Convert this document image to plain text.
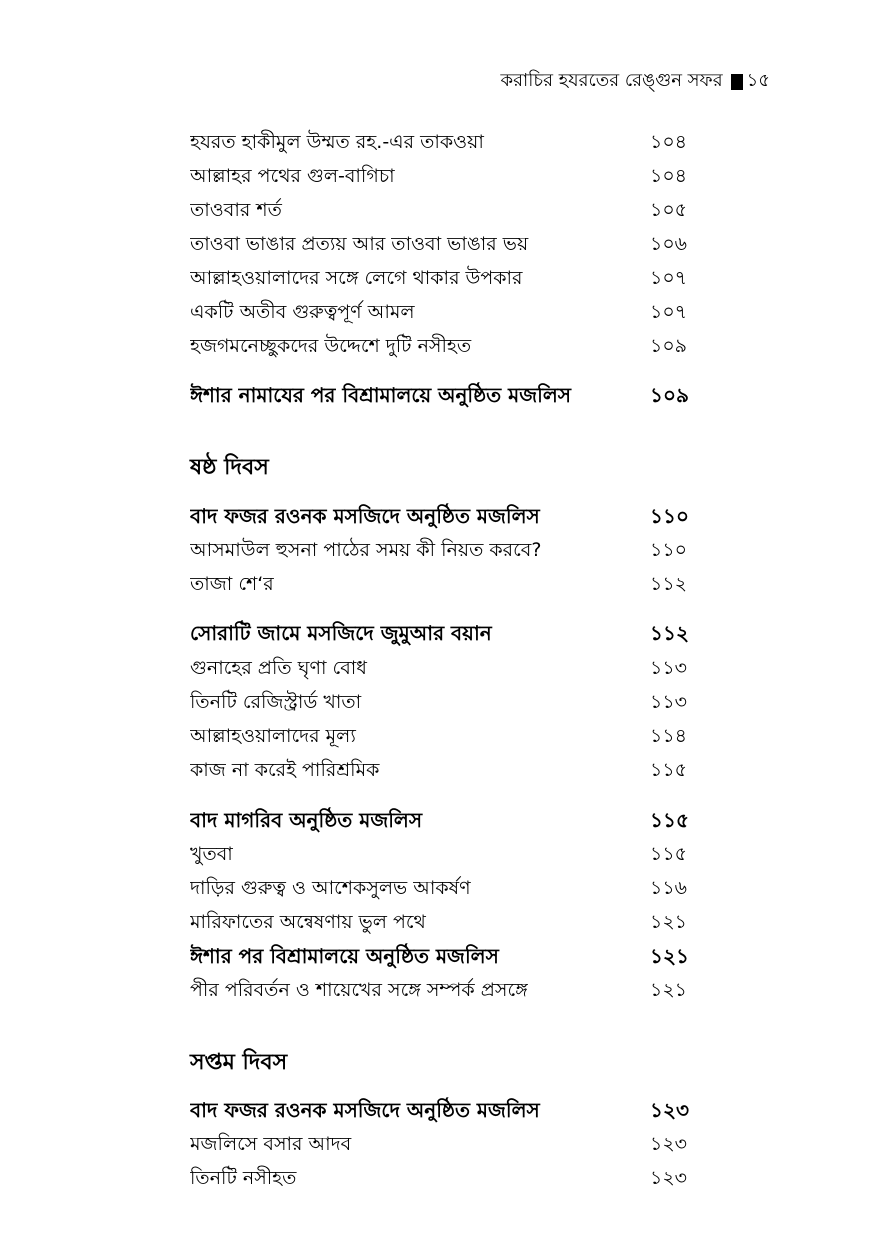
করাচির হযরতের রেঙ্গুন সফর ১৫
হযরত হাকীমুল উম্মত রহ.-এর তাকওয়া	১০৪
আল্লাহর পথের গুল-বাগিচা	১০৪
তাওবার শর্ত	১০৫
তাওবা ভাঙার প্রত্যয় আর তাওবা ভাঙার ভয়	১০৬
আল্লাহওয়ালাদের সঙ্গে লেগে থাকার উপকার	১০৭
একটি অতীব গুরুত্বপূর্ণ আমল	১০৭
হজগমনেচ্ছুকদের উদ্দেশে দুটি নসীহত	১০৯
ঈশার নামাযের পর বিশ্রামালয়ে অনুষ্ঠিত মজলিস	১০৯
ষষ্ঠ দিবস
বাদ ফজর রওনক মসজিদে অনুষ্ঠিত মজলিস	১১০
আসমাউল হুসনা পাঠের সময় কী নিয়ত করবে?	১১০
তাজা শে‘র	১১২
সোরাটি জামে মসজিদে জুমুআর বয়ান	১১২
গুনাহের প্রতি ঘৃণা বোধ	১১৩
তিনটি রেজিস্ট্রার্ড খাতা	১১৩
আল্লাহওয়ালাদের মূল্য	১১৪
কাজ না করেই পারিশ্রমিক	১১৫
বাদ মাগরিব অনুষ্ঠিত মজলিস	১১৫
খুতবা	১১৫
দাড়ির গুরুত্ব ও আশেকসুলভ আকর্ষণ	১১৬
মারিফাতের অন্বেষণায় ভুল পথে	১২১
ঈশার পর বিশ্রামালয়ে অনুষ্ঠিত মজলিস	১২১
পীর পরিবর্তন ও শায়েখের সঙ্গে সম্পর্ক প্রসঙ্গে	১২১
সপ্তম দিবস
বাদ ফজর রওনক মসজিদে অনুষ্ঠিত মজলিস	১২৩
মজলিসে বসার আদব	১২৩
তিনটি নসীহত	১২৩
